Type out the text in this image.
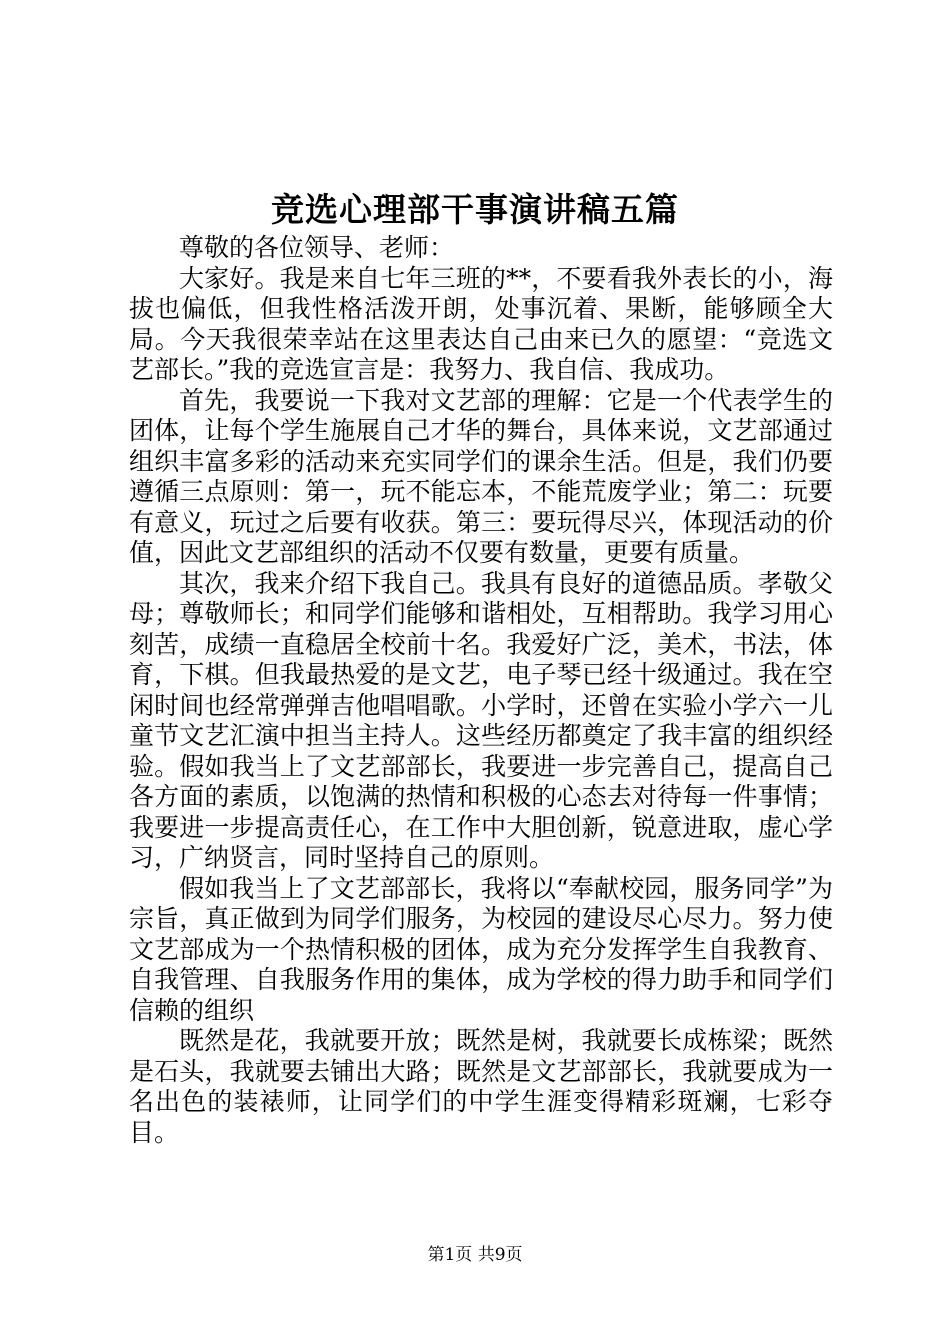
竞选心理部干事演讲稿五篇

尊敬的各位领导、老师：

大家好。我是来自七年三班的**，不要看我外表长的小，海拔也偏低，但我性格活泼开朗，处事沉着、果断，能够顾全大局。今天我很荣幸站在这里表达自己由来已久的愿望：“竞选文艺部长。”我的竞选宣言是：我努力、我自信、我成功。

首先，我要说一下我对文艺部的理解：它是一个代表学生的团体，让每个学生施展自己才华的舞台，具体来说，文艺部通过组织丰富多彩的活动来充实同学们的课余生活。但是，我们仍要遵循三点原则：第一，玩不能忘本，不能荒废学业；第二：玩要有意义，玩过之后要有收获。第三：要玩得尽兴，体现活动的价值，因此文艺部组织的活动不仅要有数量，更要有质量。

其次，我来介绍下我自己。我具有良好的道德品质。孝敬父母；尊敬师长；和同学们能够和谐相处，互相帮助。我学习用心刻苦，成绩一直稳居全校前十名。我爱好广泛，美术，书法，体育，下棋。但我最热爱的是文艺，电子琴已经十级通过。我在空闲时间也经常弹弹吉他唱唱歌。小学时，还曾在实验小学六一儿童节文艺汇演中担当主持人。这些经历都奠定了我丰富的组织经验。假如我当上了文艺部部长，我要进一步完善自己，提高自己各方面的素质，以饱满的热情和积极的心态去对待每一件事情；我要进一步提高责任心，在工作中大胆创新，锐意进取，虚心学习，广纳贤言，同时坚持自己的原则。

假如我当上了文艺部部长，我将以“奉献校园，服务同学”为宗旨，真正做到为同学们服务，为校园的建设尽心尽力。努力使文艺部成为一个热情积极的团体，成为充分发挥学生自我教育、自我管理、自我服务作用的集体，成为学校的得力助手和同学们信赖的组织

既然是花，我就要开放；既然是树，我就要长成栋梁；既然是石头，我就要去铺出大路；既然是文艺部部长，我就要成为一名出色的装裱师，让同学们的中学生涯变得精彩斑斓，七彩夺目。

第1页 共9页
